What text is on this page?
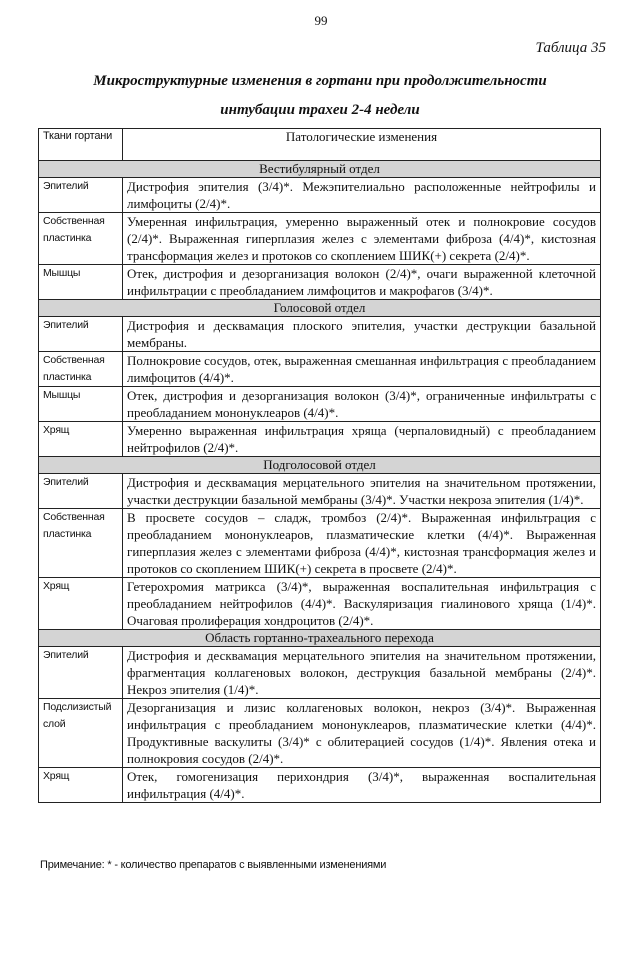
99
Таблица 35
Микроструктурные изменения в гортани при продолжительности
интубации трахеи 2-4 недели
Ткани гортани	Патологические изменения
Вестибулярный отдел	
Эпителий	Дистрофия эпителия (3/4)*. Межэпителиально расположенные нейтрофилы и лимфоциты (2/4)*.
Собственная пластинка	Умеренная инфильтрация, умеренно выраженный отек и полнокровие сосудов (2/4)*. Выраженная гиперплазия желез с элементами фиброза (4/4)*, кистозная трансформация желез и протоков со скоплением ШИК(+) секрета (2/4)*.
Мышцы	Отек, дистрофия и дезорганизация волокон (2/4)*, очаги выраженной клеточной инфильтрации с преобладанием лимфоцитов и макрофагов (3/4)*.
Голосовой отдел	
Эпителий	Дистрофия и десквамация плоского эпителия, участки деструкции базальной мембраны.
Собственная пластинка	Полнокровие сосудов, отек, выраженная смешанная инфильтрация с преобладанием лимфоцитов (4/4)*.
Мышцы	Отек, дистрофия и дезорганизация волокон (3/4)*, ограниченные инфильтраты с преобладанием мононуклеаров (4/4)*.
Хрящ	Умеренно выраженная инфильтрация хряща (черпаловидный) с преобладанием нейтрофилов (2/4)*.
Подголосовой отдел	
Эпителий	Дистрофия и десквамация мерцательного эпителия на значительном протяжении, участки деструкции базальной мембраны (3/4)*. Участки некроза эпителия (1/4)*.
Собственная пластинка	В просвете сосудов – сладж, тромбоз (2/4)*. Выраженная инфильтрация с преобладанием мононуклеаров, плазматические клетки (4/4)*. Выраженная гиперплазия желез с элементами фиброза (4/4)*, кистозная трансформация желез и протоков со скоплением ШИК(+) секрета в просвете (2/4)*.
Хрящ	Гетерохромия матрикса (3/4)*, выраженная воспалительная инфильтрация с преобладанием нейтрофилов (4/4)*. Васкуляризация гиалинового хряща (1/4)*. Очаговая пролиферация хондроцитов (2/4)*.
Область гортанно-трахеального перехода	
Эпителий	Дистрофия и десквамация мерцательного эпителия на значительном протяжении, фрагментация коллагеновых волокон, деструкция базальной мембраны (2/4)*. Некроз эпителия (1/4)*.
Подслизистый слой	Дезорганизация и лизис коллагеновых волокон, некроз (3/4)*. Выраженная инфильтрация с преобладанием мононуклеаров, плазматические клетки (4/4)*. Продуктивные васкулиты (3/4)* с облитерацией сосудов (1/4)*. Явления отека и полнокровия сосудов (2/4)*.
Хрящ	Отек, гомогенизация перихондрия (3/4)*, выраженная воспалительная инфильтрация (4/4)*.
Примечание: * - количество препаратов с выявленными изменениями
